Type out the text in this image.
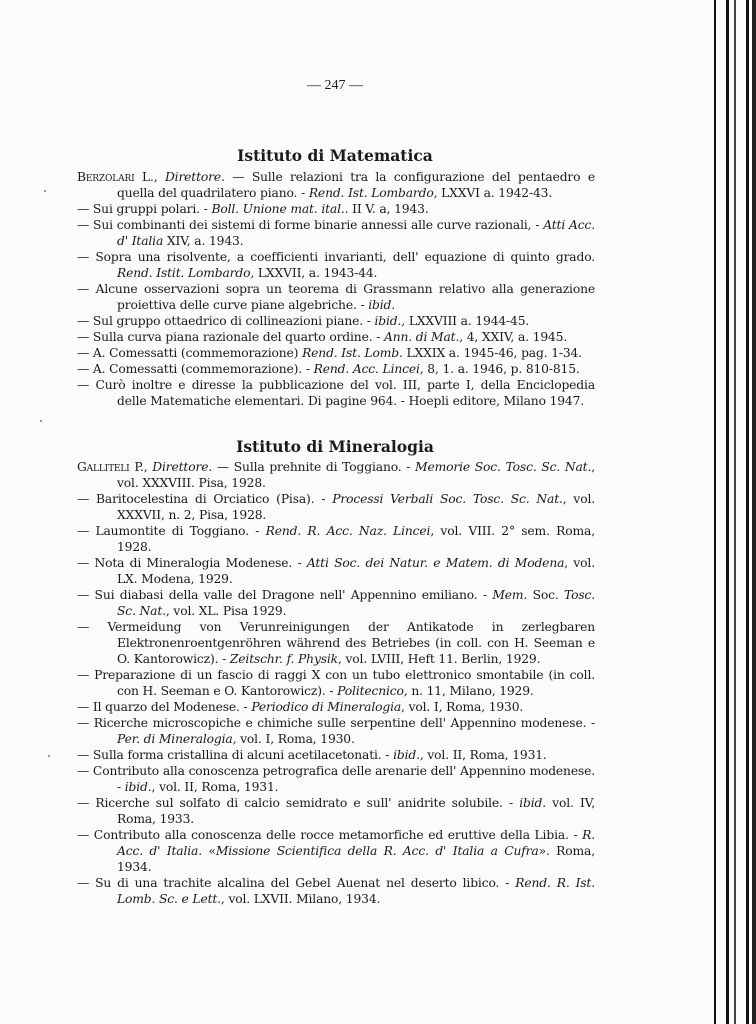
— 247 —
Istituto di Matematica

Berzolari L., Direttore. — Sulle relazioni tra la configurazione del pentaedro e quella del quadrilatero piano. - Rend. Ist. Lombardo, LXXVI a. 1942-43.

— Sui gruppi polari. - Boll. Unione mat. ital.. II V. a, 1943.

— Sui combinanti dei sistemi di forme binarie annessi alle curve razionali, - Atti Acc. d' Italia XIV, a. 1943.

— Sopra una risolvente, a coefficienti invarianti, dell' equazione di quinto grado. Rend. Istit. Lombardo, LXXVII, a. 1943-44.

— Alcune osservazioni sopra un teorema di Grassmann relativo alla generazione proiettiva delle curve piane algebriche. - ibid.

— Sul gruppo ottaedrico di collineazioni piane. - ibid., LXXVIII a. 1944-45.

— Sulla curva piana razionale del quarto ordine. - Ann. di Mat., 4, XXIV, a. 1945.

— A. Comessatti (commemorazione) Rend. Ist. Lomb. LXXIX a. 1945-46, pag. 1-34.

— A. Comessatti (commemorazione). - Rend. Acc. Lincei, 8, 1. a. 1946, p. 810-815.

— Curò inoltre e diresse la pubblicazione del vol. III, parte I, della Enciclopedia delle Matematiche elementari. Di pagine 964. - Hoepli editore, Milano 1947.

Istituto di Mineralogia

Galliteli P., Direttore. — Sulla prehnite di Toggiano. - Memorie Soc. Tosc. Sc. Nat., vol. XXXVIII. Pisa, 1928.

— Baritocelestina di Orciatico (Pisa). - Processi Verbali Soc. Tosc. Sc. Nat., vol. XXXVII, n. 2, Pisa, 1928.

— Laumontite di Toggiano. - Rend. R. Acc. Naz. Lincei, vol. VIII. 2° sem. Roma, 1928.

— Nota di Mineralogia Modenese. - Atti Soc. dei Natur. e Matem. di Modena, vol. LX. Modena, 1929.

— Sui diabasi della valle del Dragone nell' Appennino emiliano. - Mem. Soc. Tosc. Sc. Nat., vol. XL. Pisa 1929.

— Vermeidung von Verunreinigungen der Antikatode in zerlegbaren Elektronenroentgenröhren während des Betriebes (in coll. con H. Seeman e O. Kantorowicz). - Zeitschr. f. Physik, vol. LVIII, Heft 11. Berlin, 1929.

— Preparazione di un fascio di raggi X con un tubo elettronico smontabile (in coll. con H. Seeman e O. Kantorowicz). - Politecnico, n. 11, Milano, 1929.

— Il quarzo del Modenese. - Periodico di Mineralogia, vol. I, Roma, 1930.

— Ricerche microscopiche e chimiche sulle serpentine dell' Appennino modenese. - Per. di Mineralogia, vol. I, Roma, 1930.

— Sulla forma cristallina di alcuni acetilacetonati. - ibid., vol. II, Roma, 1931.

— Contributo alla conoscenza petrografica delle arenarie dell' Appennino modenese. - ibid., vol. II, Roma, 1931.

— Ricerche sul solfato di calcio semidrato e sull' anidrite solubile. - ibid. vol. IV, Roma, 1933.

— Contributo alla conoscenza delle rocce metamorfiche ed eruttive della Libia. - R. Acc. d' Italia. «Missione Scientifica della R. Acc. d' Italia a Cufra». Roma, 1934.

— Su di una trachite alcalina del Gebel Auenat nel deserto libico. - Rend. R. Ist. Lomb. Sc. e Lett., vol. LXVII. Milano, 1934.
